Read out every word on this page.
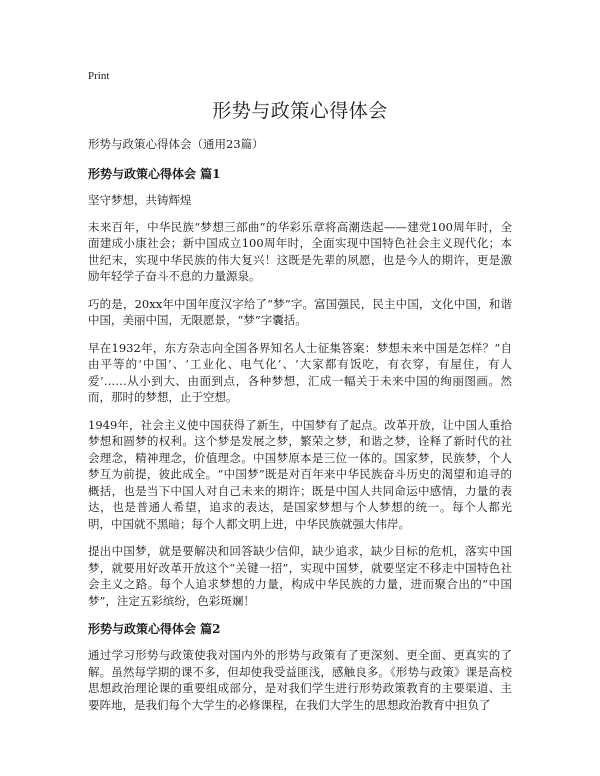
Print
形势与政策心得体会

形势与政策心得体会（通用23篇）

形势与政策心得体会 篇1

坚守梦想，共铸辉煌

未来百年，中华民族“梦想三部曲”的华彩乐章将高潮迭起——建党100周年时，全面建成小康社会；新中国成立100周年时，全面实现中国特色社会主义现代化；本世纪末，实现中华民族的伟大复兴！这既是先辈的夙愿，也是今人的期许，更是激励年轻学子奋斗不息的力量源泉。

巧的是，20xx年中国年度汉字给了“梦”字。富国强民，民主中国，文化中国，和谐中国，美丽中国，无限愿景，“梦”字囊括。

早在1932年，东方杂志向全国各界知名人士征集答案：梦想未来中国是怎样？“自由平等的‘中国’、‘工业化、电气化’、‘大家都有饭吃，有衣穿，有屋住，有人爱’……从小到大、由面到点，各种梦想，汇成一幅关于未来中国的绚丽图画。然而，那时的梦想，止于空想。

1949年，社会主义使中国获得了新生，中国梦有了起点。改革开放，让中国人重拾梦想和圆梦的权利。这个梦是发展之梦，繁荣之梦，和谐之梦，诠释了新时代的社会理念，精神理念，价值理念。中国梦原本是三位一体的。国家梦，民族梦，个人梦互为前提，彼此成全。“中国梦”既是对百年来中华民族奋斗历史的渴望和追寻的概括，也是当下中国人对自己未来的期许；既是中国人共同命运中感情，力量的表达，也是普通人希望，追求的表达，是国家梦想与个人梦想的统一。每个人都光明，中国就不黑暗；每个人都文明上进，中华民族就强大伟岸。

提出中国梦，就是要解决和回答缺少信仰，缺少追求，缺少目标的危机，落实中国梦，就要用好改革开放这个“关键一招”，实现中国梦，就要坚定不移走中国特色社会主义之路。每个人追求梦想的力量，构成中华民族的力量，进而聚合出的“中国梦”，注定五彩缤纷，色彩斑斓！

形势与政策心得体会 篇2

通过学习形势与政策使我对国内外的形势与政策有了更深刻、更全面、更真实的了解。虽然每学期的课不多，但却使我受益匪浅，感触良多。《形势与政策》课是高校思想政治理论课的重要组成部分，是对我们学生进行形势政策教育的主要渠道、主要阵地，是我们每个大学生的必修课程，在我们大学生的思想政治教育中担负了
